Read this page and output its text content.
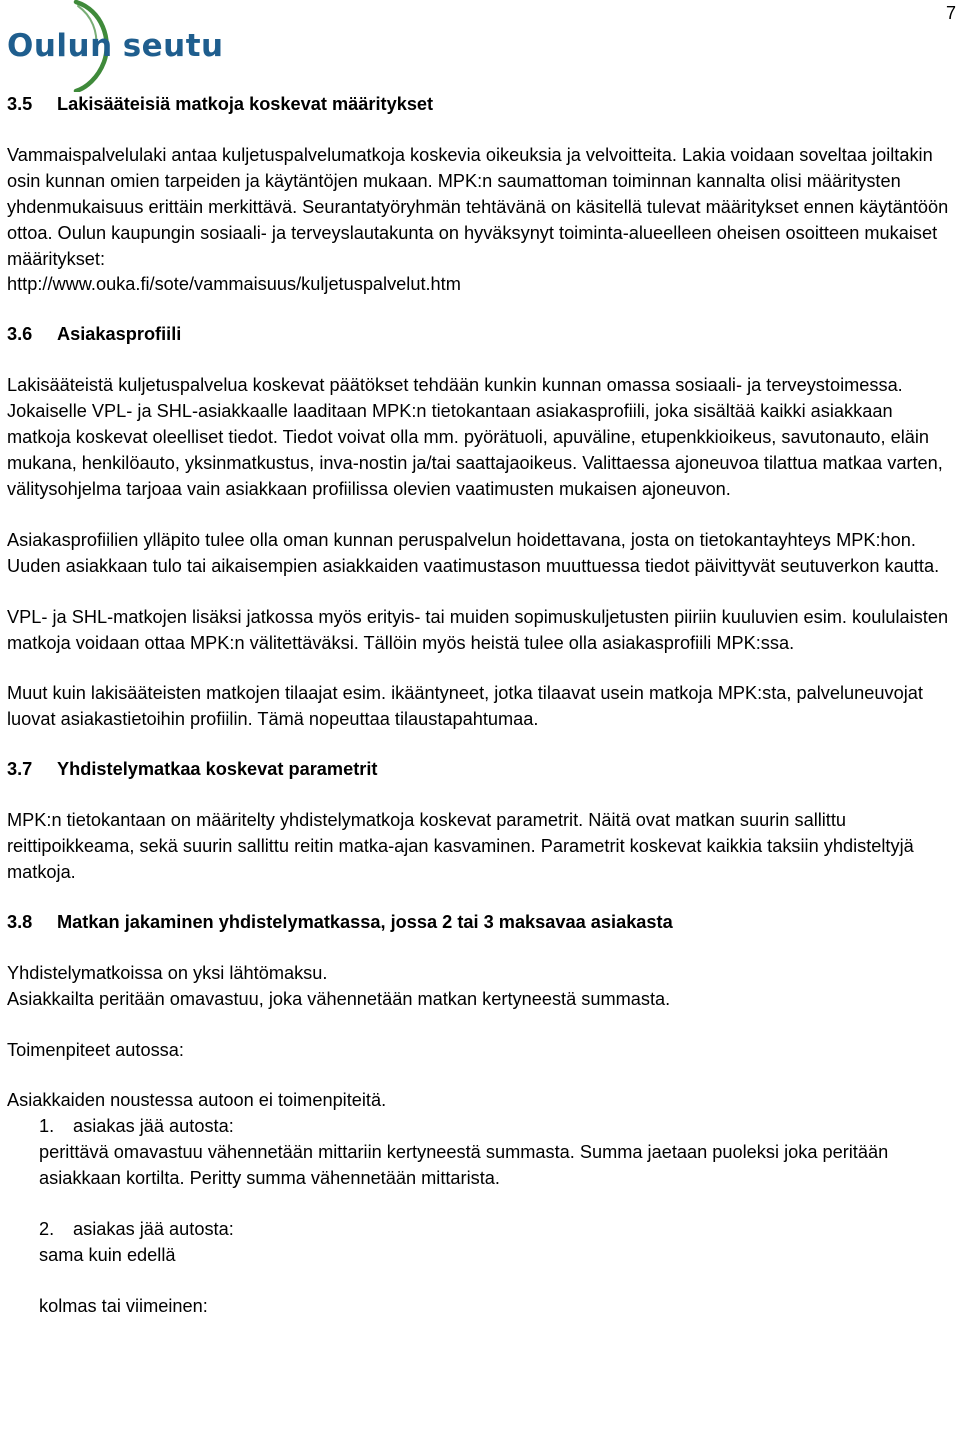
7
Oulun seutu
3.5 Lakisääteisiä matkoja koskevat määritykset

Vammaispalvelulaki antaa kuljetuspalvelumatkoja koskevia oikeuksia ja velvoitteita. Lakia voidaan soveltaa joiltakin osin kunnan omien tarpeiden ja käytäntöjen mukaan. MPK:n saumattoman toiminnan kannalta olisi määritysten yhdenmukaisuus erittäin merkittävä. Seurantatyöryhmän tehtävänä on käsitellä tulevat määritykset ennen käytäntöön ottoa. Oulun kaupungin sosiaali- ja terveyslautakunta on hyväksynyt toiminta-alueelleen oheisen osoitteen mukaiset määritykset:

http://www.ouka.fi/sote/vammaisuus/kuljetuspalvelut.htm

3.6 Asiakasprofiili

Lakisääteistä kuljetuspalvelua koskevat päätökset tehdään kunkin kunnan omassa sosiaali- ja terveystoimessa. Jokaiselle VPL- ja SHL-asiakkaalle laaditaan MPK:n tietokantaan asiakasprofiili, joka sisältää kaikki asiakkaan matkoja koskevat oleelliset tiedot. Tiedot voivat olla mm. pyörätuoli, apuväline, etupenkkioikeus, savutonauto, eläin mukana, henkilöauto, yksinmatkustus, inva-nostin ja/tai saattajaoikeus. Valittaessa ajoneuvoa tilattua matkaa varten, välitysohjelma tarjoaa vain asiakkaan profiilissa olevien vaatimusten mukaisen ajoneuvon.

Asiakasprofiilien ylläpito tulee olla oman kunnan peruspalvelun hoidettavana, josta on tietokantayhteys MPK:hon. Uuden asiakkaan tulo tai aikaisempien asiakkaiden vaatimustason muuttuessa tiedot päivittyvät seutuverkon kautta.

VPL- ja SHL-matkojen lisäksi jatkossa myös erityis- tai muiden sopimuskuljetusten piiriin kuuluvien esim. koululaisten matkoja voidaan ottaa MPK:n välitettäväksi. Tällöin myös heistä tulee olla asiakasprofiili MPK:ssa.

Muut kuin lakisääteisten matkojen tilaajat esim. ikääntyneet, jotka tilaavat usein matkoja MPK:sta, palveluneuvojat luovat asiakastietoihin profiilin. Tämä nopeuttaa tilaustapahtumaa.

3.7 Yhdistelymatkaa koskevat parametrit

MPK:n tietokantaan on määritelty yhdistelymatkoja koskevat parametrit. Näitä ovat matkan suurin sallittu reittipoikkeama, sekä suurin sallittu reitin matka-ajan kasvaminen. Parametrit koskevat kaikkia taksiin yhdisteltyjä matkoja.

3.8 Matkan jakaminen yhdistelymatkassa, jossa 2 tai 3 maksavaa asiakasta

Yhdistelymatkoissa on yksi lähtömaksu.

Asiakkailta peritään omavastuu, joka vähennetään matkan kertyneestä summasta.

Toimenpiteet autossa:

Asiakkaiden noustessa autoon ei toimenpiteitä.

1. asiakas jää autosta:
perittävä omavastuu vähennetään mittariin kertyneestä summasta. Summa jaetaan puoleksi joka peritään asiakkaan kortilta. Peritty summa vähennetään mittarista.
2. asiakas jää autosta:
sama kuin edellä
kolmas tai viimeinen:
